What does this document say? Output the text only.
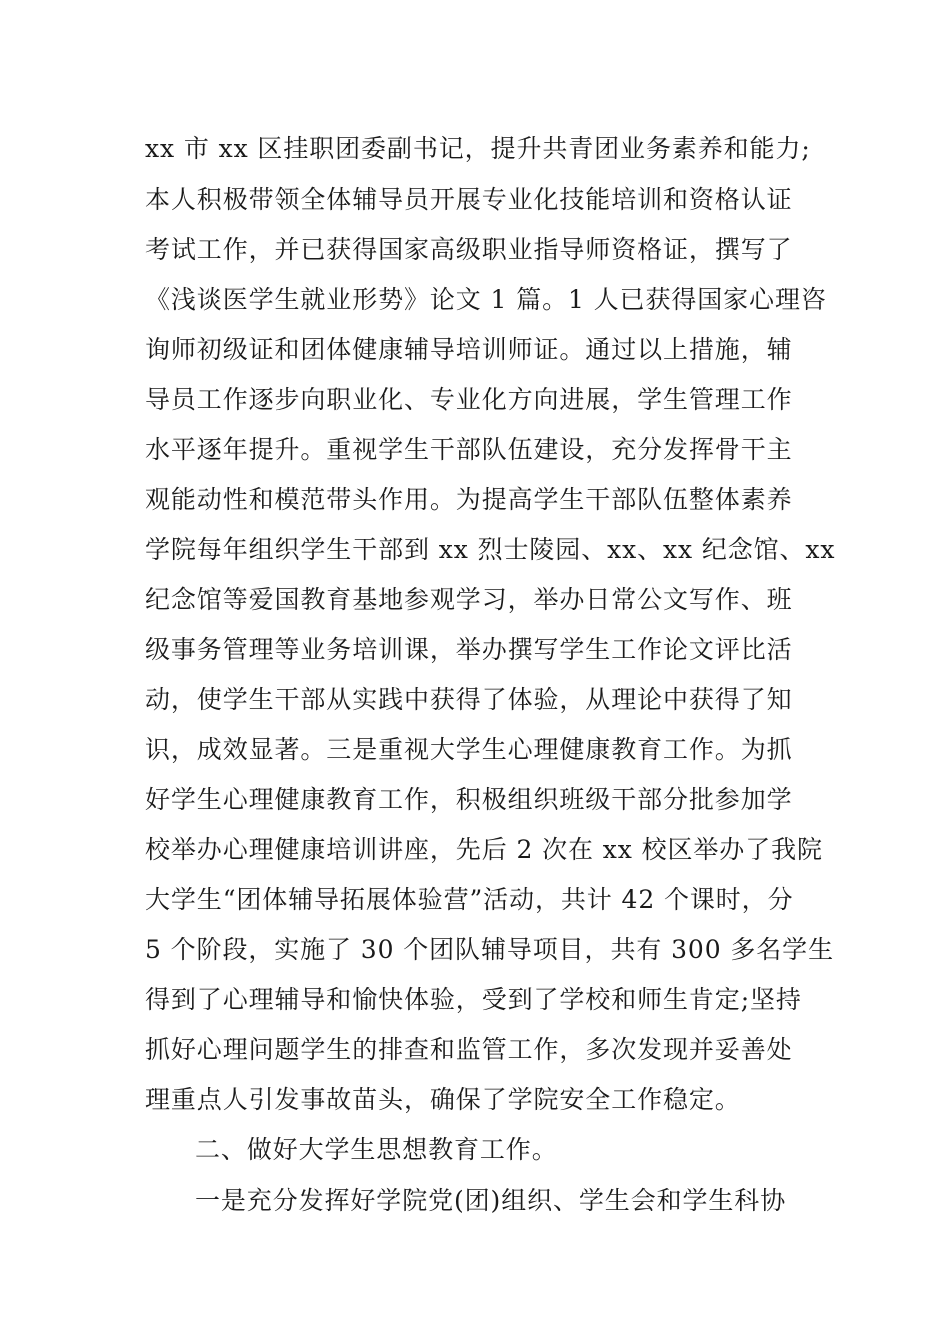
xx 市 xx 区挂职团委副书记，提升共青团业务素养和能力;
本人积极带领全体辅导员开展专业化技能培训和资格认证
考试工作，并已获得国家高级职业指导师资格证，撰写了
《浅谈医学生就业形势》论文 1 篇。1 人已获得国家心理咨
询师初级证和团体健康辅导培训师证。通过以上措施，辅
导员工作逐步向职业化、专业化方向进展，学生管理工作
水平逐年提升。重视学生干部队伍建设，充分发挥骨干主
观能动性和模范带头作用。为提高学生干部队伍整体素养
学院每年组织学生干部到 xx 烈士陵园、xx、xx 纪念馆、xx
纪念馆等爱国教育基地参观学习，举办日常公文写作、班
级事务管理等业务培训课，举办撰写学生工作论文评比活
动，使学生干部从实践中获得了体验，从理论中获得了知
识，成效显著。三是重视大学生心理健康教育工作。为抓
好学生心理健康教育工作，积极组织班级干部分批参加学
校举办心理健康培训讲座，先后 2 次在 xx 校区举办了我院
大学生“团体辅导拓展体验营”活动，共计 42 个课时，分
5 个阶段，实施了 30 个团队辅导项目，共有 300 多名学生
得到了心理辅导和愉快体验，受到了学校和师生肯定;坚持
抓好心理问题学生的排查和监管工作，多次发现并妥善处
理重点人引发事故苗头，确保了学院安全工作稳定。
二、做好大学生思想教育工作。
一是充分发挥好学院党(团)组织、学生会和学生科协
